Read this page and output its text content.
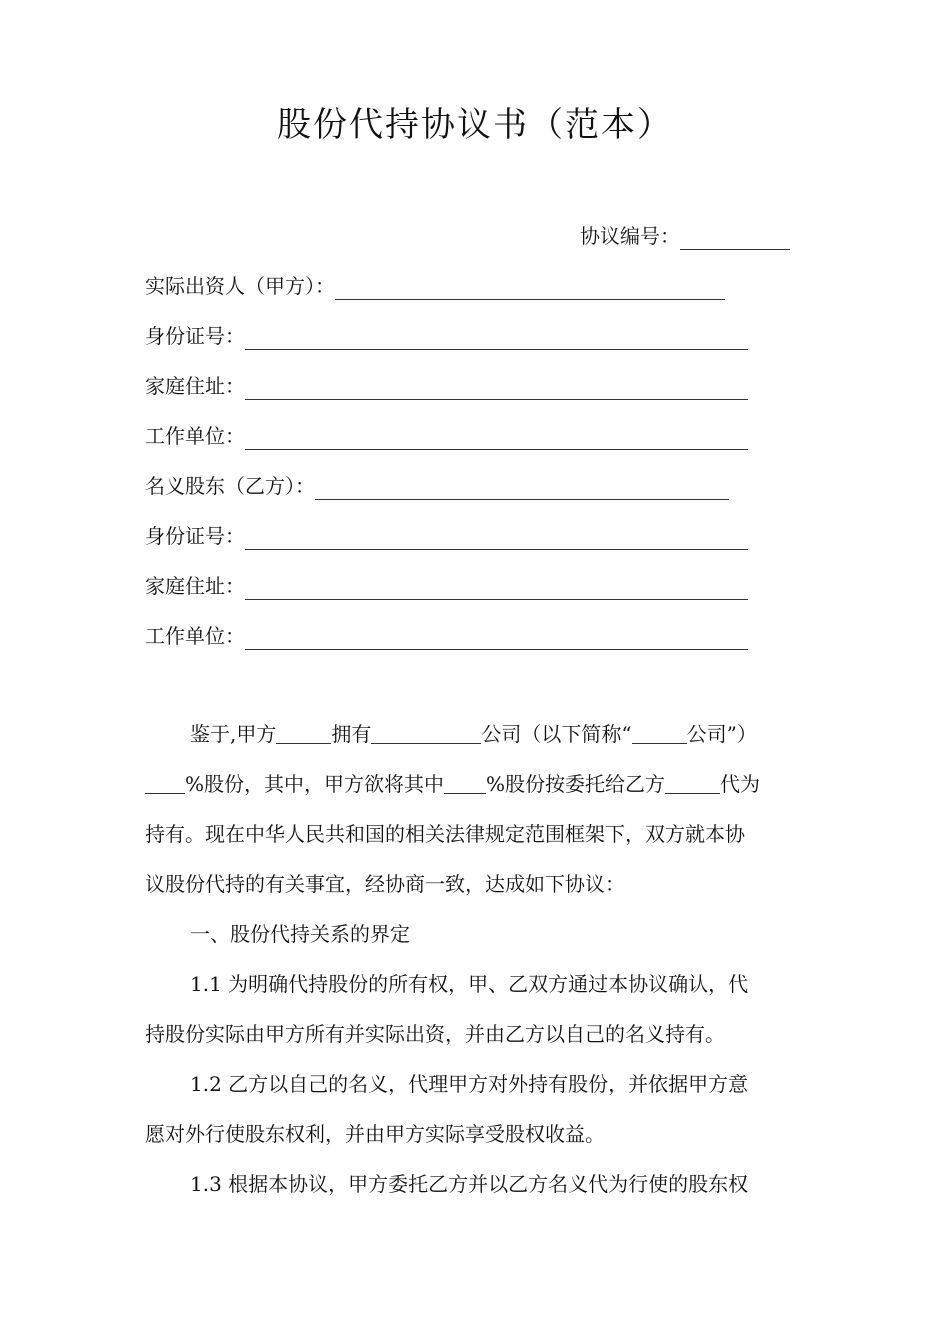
股份代持协议书（范本）
协议编号：
实际出资人（甲方）：
身份证号：
家庭住址：
工作单位：
名义股东（乙方）：
身份证号：
家庭住址：
工作单位：
鉴于,甲方	拥有	公司（以下简称“	公司”）
%股份，其中，甲方欲将其中 %股份按委托给乙方	代为
持有。现在中华人民共和国的相关法律规定范围框架下，双方就本协
议股份代持的有关事宜，经协商一致，达成如下协议：
一、股份代持关系的界定
1.1 为明确代持股份的所有权，甲、乙双方通过本协议确认，代
持股份实际由甲方所有并实际出资，并由乙方以自己的名义持有。
1.2 乙方以自己的名义，代理甲方对外持有股份，并依据甲方意
愿对外行使股东权利，并由甲方实际享受股权收益。
1.3 根据本协议，甲方委托乙方并以乙方名义代为行使的股东权
